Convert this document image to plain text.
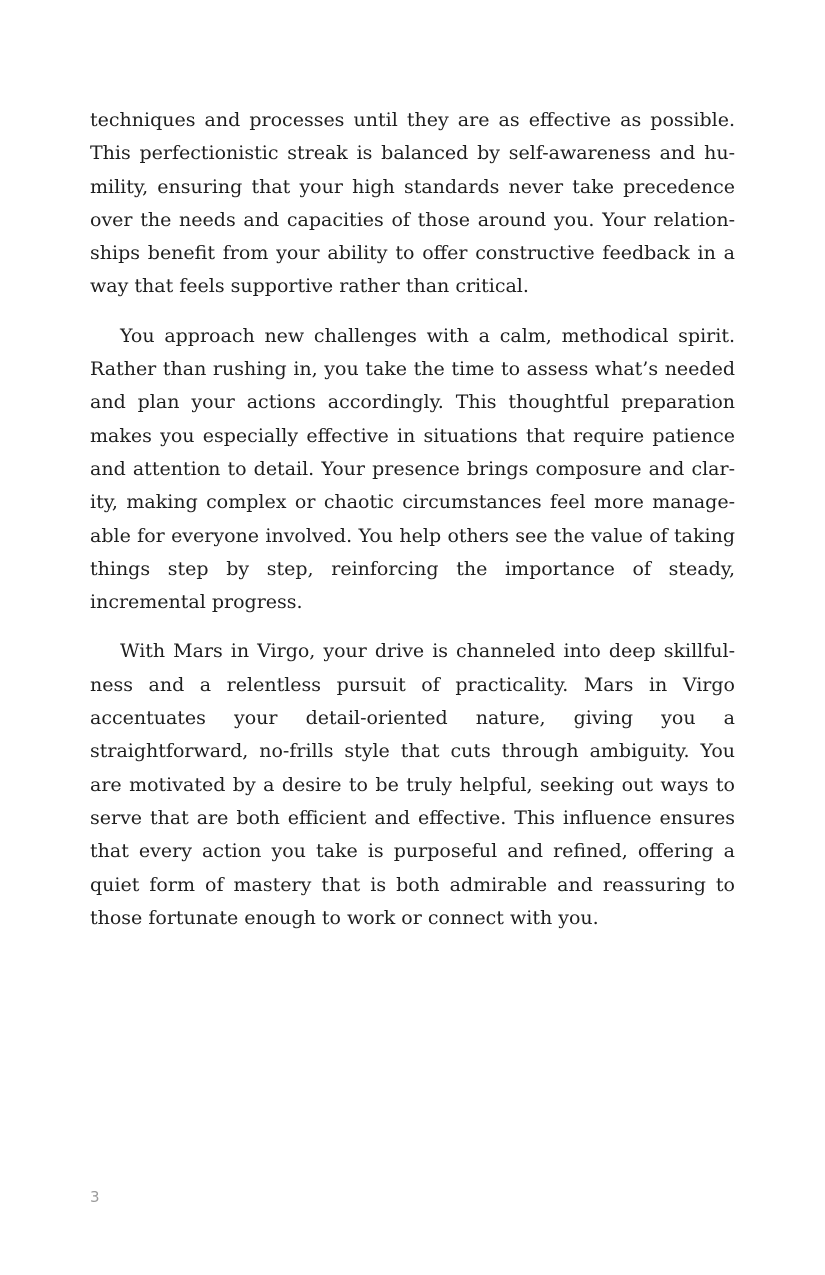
techniques and processes until they are as effective as possible. This perfectionistic streak is balanced by self-awareness and humility, ensuring that your high standards never take precedence over the needs and capacities of those around you. Your relationships benefit from your ability to offer constructive feedback in a way that feels supportive rather than critical.

You approach new challenges with a calm, methodical spirit. Rather than rushing in, you take the time to assess what’s needed and plan your actions accordingly. This thoughtful preparation makes you especially effective in situations that require patience and attention to detail. Your presence brings composure and clarity, making complex or chaotic circumstances feel more manageable for everyone involved. You help others see the value of taking things step by step, reinforcing the importance of steady, incremental progress.

With Mars in Virgo, your drive is channeled into deep skillfulness and a relentless pursuit of practicality. Mars in Virgo accentuates your detail-oriented nature, giving you a straightforward, no-frills style that cuts through ambiguity. You are motivated by a desire to be truly helpful, seeking out ways to serve that are both efficient and effective. This influence ensures that every action you take is purposeful and refined, offering a quiet form of mastery that is both admirable and reassuring to those fortunate enough to work or connect with you.

3
